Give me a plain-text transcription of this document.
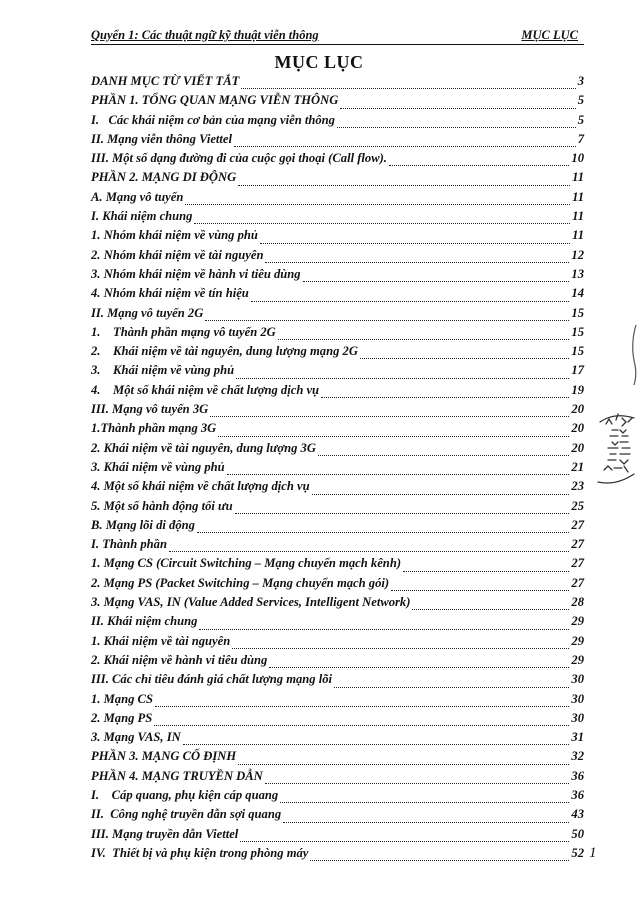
Quyển 1: Các thuật ngữ kỹ thuật viễn thông	MỤC LỤC
MỤC LỤC
DANH MỤC TỪ VIẾT TẮT	3
PHẦN 1. TỔNG QUAN MẠNG VIỄN THÔNG	5
I.   Các khái niệm cơ bản của mạng viễn thông	5
II. Mạng viễn thông Viettel	7
III. Một số dạng đường đi của cuộc gọi thoại (Call flow).	10
PHẦN 2. MẠNG DI ĐỘNG	11
A. Mạng vô tuyến	11
I. Khái niệm chung	11
1. Nhóm khái niệm về vùng phủ	11
2. Nhóm khái niệm về tài nguyên	12
3. Nhóm khái niệm về hành vi tiêu dùng	13
4. Nhóm khái niệm về tín hiệu	14
II. Mạng vô tuyến 2G	15
1.    Thành phần mạng vô tuyến 2G	15
2.    Khái niệm về tài nguyên, dung lượng mạng 2G	15
3.    Khái niệm về vùng phủ	17
4.    Một số khái niệm về chất lượng dịch vụ	19
III. Mạng vô tuyến 3G	20
1.Thành phần mạng 3G	20
2. Khái niệm về tài nguyên, dung lượng 3G	20
3. Khái niệm về vùng phủ	21
4. Một số khái niệm về chất lượng dịch vụ	23
5. Một số hành động tối ưu	25
B. Mạng lõi di động	27
I. Thành phần	27
1. Mạng CS (Circuit Switching – Mạng chuyển mạch kênh)	27
2. Mạng PS (Packet Switching – Mạng chuyển mạch gói)	27
3. Mạng VAS, IN (Value Added Services, Intelligent Network)	28
II. Khái niệm chung	29
1. Khái niệm về tài nguyên	29
2. Khái niệm về hành vi tiêu dùng	29
III. Các chỉ tiêu đánh giá chất lượng mạng lõi	30
1. Mạng CS	30
2. Mạng PS	30
3. Mạng VAS, IN	31
PHẦN 3. MẠNG CỐ ĐỊNH	32
PHẦN 4. MẠNG TRUYỀN DẪN	36
I.    Cáp quang, phụ kiện cáp quang	36
II.  Công nghệ truyền dẫn sợi quang	43
III. Mạng truyền dẫn Viettel	50
IV.  Thiết bị và phụ kiện trong phòng máy	52 1
